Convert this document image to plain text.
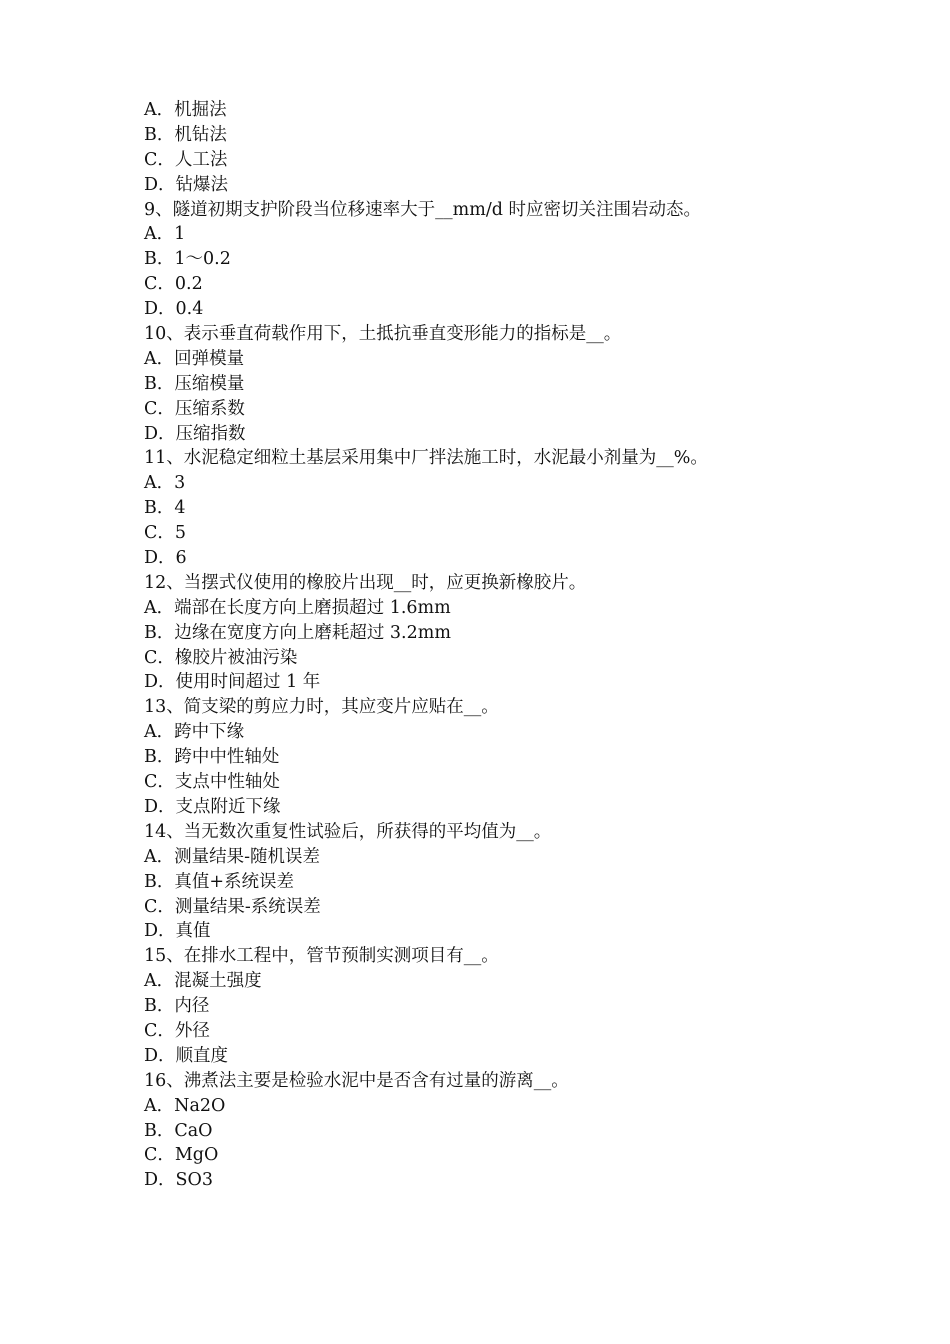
A．机掘法
B．机钻法
C．人工法
D．钻爆法
9、隧道初期支护阶段当位移速率大于__mm/d 时应密切关注围岩动态。
A．1
B．1～0.2
C．0.2
D．0.4
10、表示垂直荷载作用下，土抵抗垂直变形能力的指标是__。
A．回弹模量
B．压缩模量
C．压缩系数
D．压缩指数
11、水泥稳定细粒土基层采用集中厂拌法施工时，水泥最小剂量为__%。
A．3
B．4
C．5
D．6
12、当摆式仪使用的橡胶片出现__时，应更换新橡胶片。
A．端部在长度方向上磨损超过 1.6mm
B．边缘在宽度方向上磨耗超过 3.2mm
C．橡胶片被油污染
D．使用时间超过 1 年
13、简支梁的剪应力时，其应变片应贴在__。
A．跨中下缘
B．跨中中性轴处
C．支点中性轴处
D．支点附近下缘
14、当无数次重复性试验后，所获得的平均值为__。
A．测量结果-随机误差
B．真值+系统误差
C．测量结果-系统误差
D．真值
15、在排水工程中，管节预制实测项目有__。
A．混凝土强度
B．内径
C．外径
D．顺直度
16、沸煮法主要是检验水泥中是否含有过量的游离__。
A．Na2O
B．CaO
C．MgO
D．SO3
